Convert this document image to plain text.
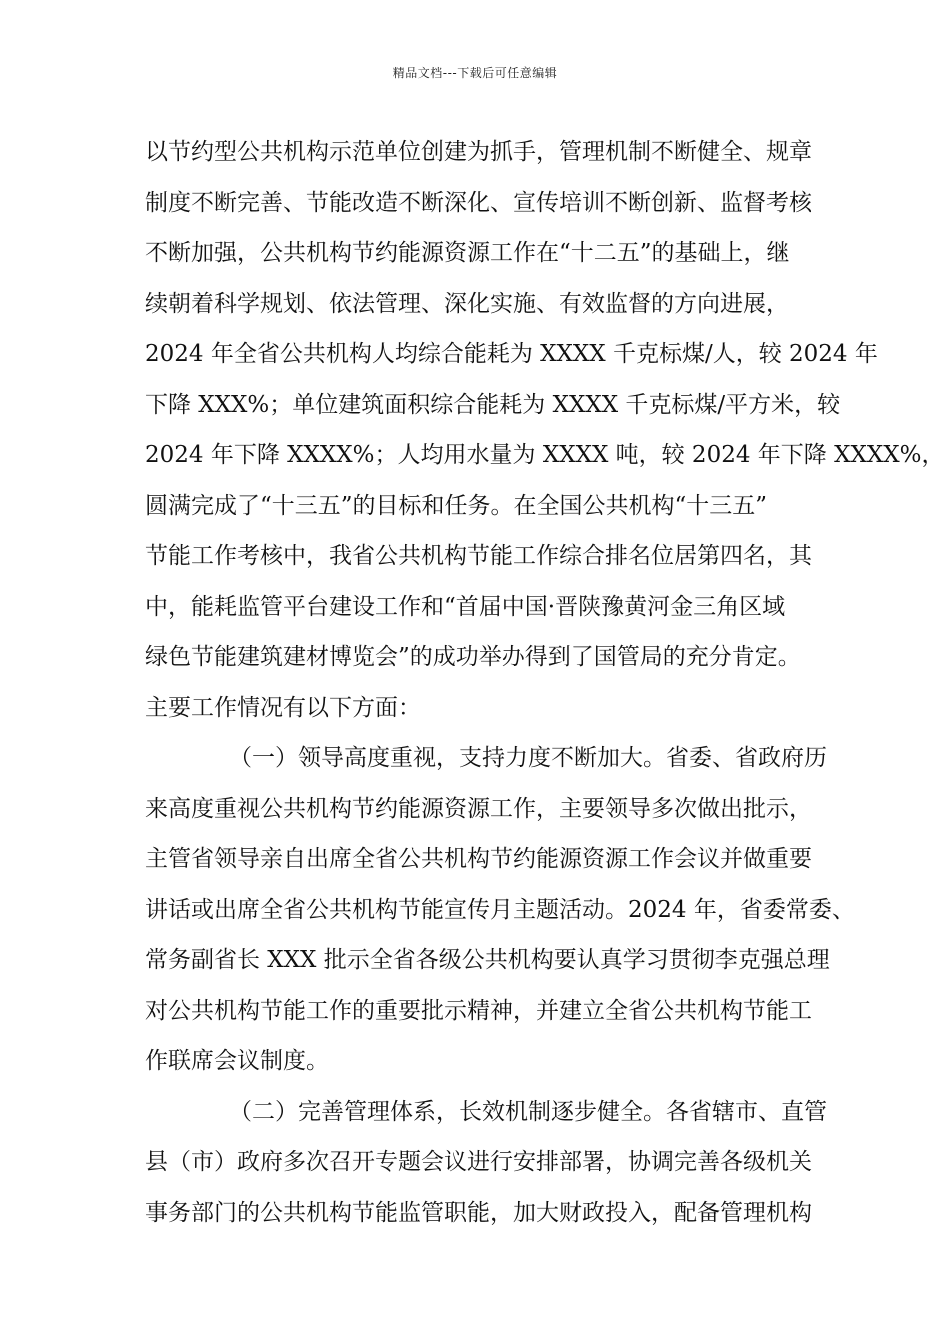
精品文档---下载后可任意编辑
以节约型公共机构示范单位创建为抓手，管理机制不断健全、规章
制度不断完善、节能改造不断深化、宣传培训不断创新、监督考核
不断加强，公共机构节约能源资源工作在“十二五”的基础上，继
续朝着科学规划、依法管理、深化实施、有效监督的方向进展，
2024 年全省公共机构人均综合能耗为 XXXX 千克标煤/人，较 2024 年
下降 XXX%；单位建筑面积综合能耗为 XXXX 千克标煤/平方米，较
2024 年下降 XXXX%；人均用水量为 XXXX 吨，较 2024 年下降 XXXX%，
圆满完成了“十三五”的目标和任务。在全国公共机构“十三五”
节能工作考核中，我省公共机构节能工作综合排名位居第四名，其
中，能耗监管平台建设工作和“首届中国·晋陕豫黄河金三角区域
绿色节能建筑建材博览会”的成功举办得到了国管局的充分肯定。
主要工作情况有以下方面：
（一）领导高度重视，支持力度不断加大。省委、省政府历
来高度重视公共机构节约能源资源工作，主要领导多次做出批示，
主管省领导亲自出席全省公共机构节约能源资源工作会议并做重要
讲话或出席全省公共机构节能宣传月主题活动。2024 年，省委常委、
常务副省长 XXX 批示全省各级公共机构要认真学习贯彻李克强总理
对公共机构节能工作的重要批示精神，并建立全省公共机构节能工
作联席会议制度。
（二）完善管理体系，长效机制逐步健全。各省辖市、直管
县（市）政府多次召开专题会议进行安排部署，协调完善各级机关
事务部门的公共机构节能监管职能，加大财政投入，配备管理机构
